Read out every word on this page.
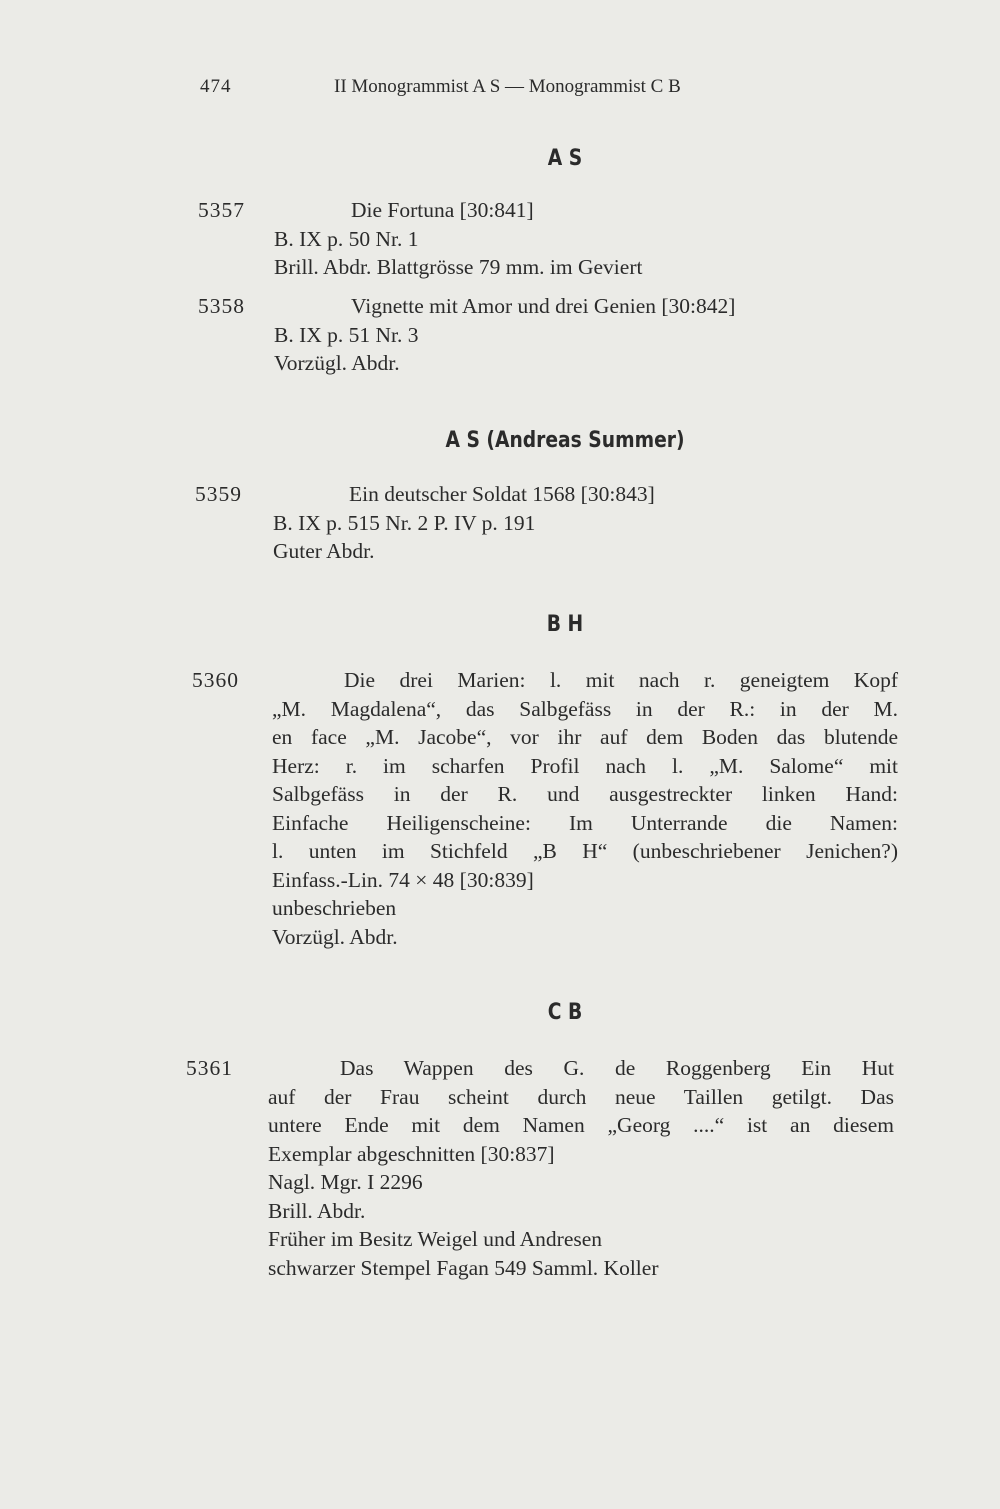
474	II Monogrammist A S — Monogrammist C B
A S
5357	Die Fortuna [30:841]
B. IX p. 50 Nr. 1
Brill. Abdr. Blattgrösse 79 mm. im Geviert
5358	Vignette mit Amor und drei Genien [30:842]
B. IX p. 51 Nr. 3
Vorzügl. Abdr.
A S (Andreas Summer)
5359	Ein deutscher Soldat 1568 [30:843]
B. IX p. 515 Nr. 2 P. IV p. 191
Guter Abdr.
B H
5360	Die drei Marien: l. mit nach r. geneigtem Kopf
„M. Magdalena“, das Salbgefäss in der R.: in der M.
en face „M. Jacobe“, vor ihr auf dem Boden das blutende
Herz: r. im scharfen Profil nach l. „M. Salome“ mit
Salbgefäss in der R. und ausgestreckter linken Hand:
Einfache Heiligenscheine: Im Unterrande die Namen:
l. unten im Stichfeld „B H“ (unbeschriebener Jenichen?)
Einfass.-Lin. 74 × 48 [30:839]
unbeschrieben
Vorzügl. Abdr.
C B
5361	Das Wappen des G. de Roggenberg Ein Hut
auf der Frau scheint durch neue Taillen getilgt. Das
untere Ende mit dem Namen „Georg ....“ ist an diesem
Exemplar abgeschnitten [30:837]
Nagl. Mgr. I 2296
Brill. Abdr.
Früher im Besitz Weigel und Andresen
schwarzer Stempel Fagan 549 Samml. Koller
